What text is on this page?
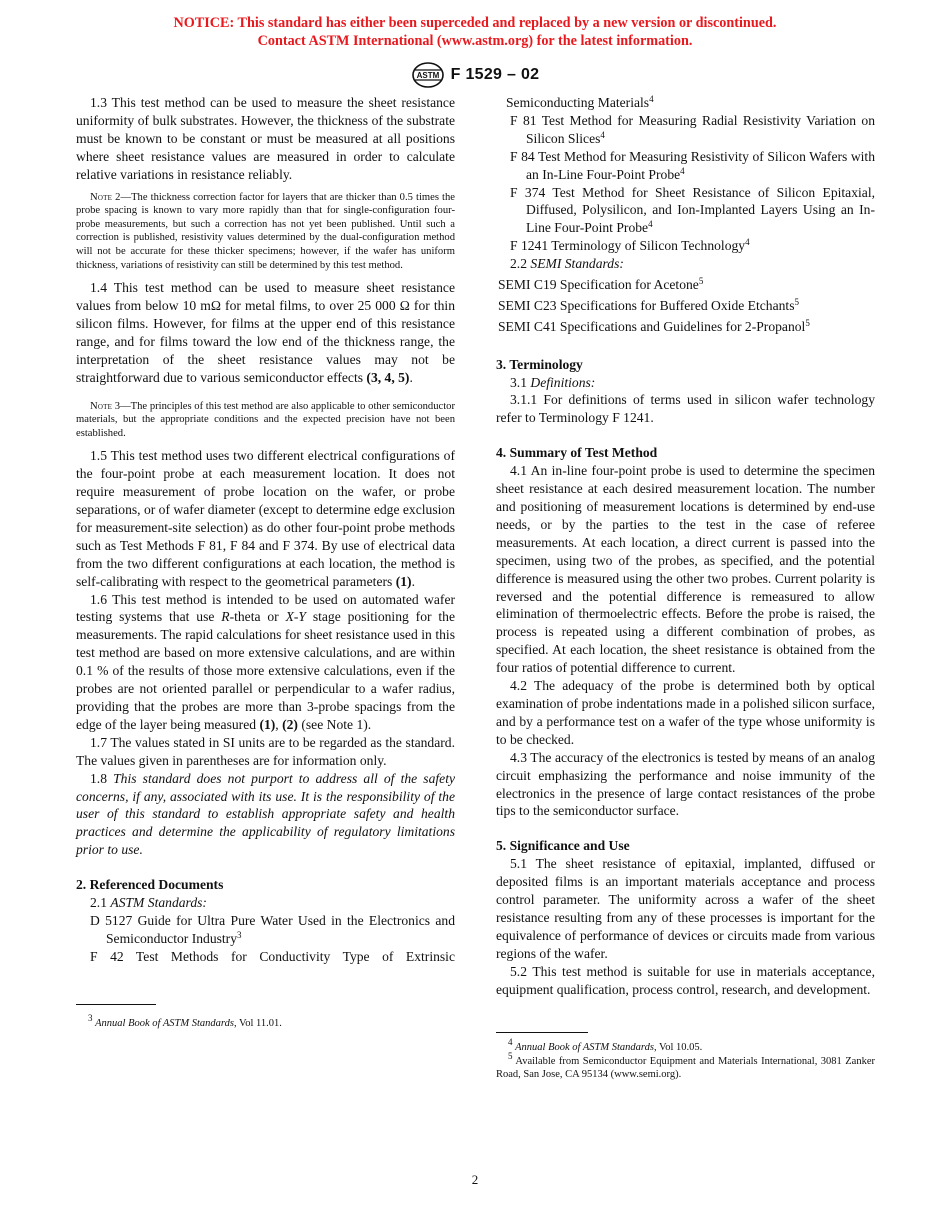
NOTICE: This standard has either been superceded and replaced by a new version or discontinued.
Contact ASTM International (www.astm.org) for the latest information.
ASTM F 1529 – 02

1.3 This test method can be used to measure the sheet resistance uniformity of bulk substrates. However, the thickness of the substrate must be known to be constant or must be measured at all positions where sheet resistance values are measured in order to calculate relative variations in resistance reliably.

Note 2—The thickness correction factor for layers that are thicker than 0.5 times the probe spacing is known to vary more rapidly than that for single-configuration four-probe measurements, but such a correction has not yet been published. Until such a correction is published, resistivity values determined by the dual-configuration method will not be accurate for these thicker specimens; however, if the wafer has uniform thickness, variations of resistivity can still be determined by this test method.

1.4 This test method can be used to measure sheet resistance values from below 10 mΩ for metal films, to over 25 000 Ω for thin silicon films. However, for films at the upper end of this resistance range, and for films toward the low end of the thickness range, the interpretation of the sheet resistance values may not be straightforward due to various semiconductor effects (3, 4, 5).

Note 3—The principles of this test method are also applicable to other semiconductor materials, but the appropriate conditions and the expected precision have not been established.

1.5 This test method uses two different electrical configurations of the four-point probe at each measurement location. It does not require measurement of probe location on the wafer, or probe separations, or of wafer diameter (except to determine edge exclusion for measurement-site selection) as do other four-point probe methods such as Test Methods F 81, F 84 and F 374. By use of electrical data from the two different configurations at each location, the method is self-calibrating with respect to the geometrical parameters (1).

1.6 This test method is intended to be used on automated wafer testing systems that use R-theta or X-Y stage positioning for the measurements. The rapid calculations for sheet resistance used in this test method are based on more extensive calculations, and are within 0.1 % of the results of those more extensive calculations, even if the probes are not oriented parallel or perpendicular to a wafer radius, providing that the probes are more than 3-probe spacings from the edge of the layer being measured (1), (2) (see Note 1).

1.7 The values stated in SI units are to be regarded as the standard. The values given in parentheses are for information only.

1.8 This standard does not purport to address all of the safety concerns, if any, associated with its use. It is the responsibility of the user of this standard to establish appropriate safety and health practices and determine the applicability of regulatory limitations prior to use.

2. Referenced Documents

2.1 ASTM Standards:

D 5127 Guide for Ultra Pure Water Used in the Electronics and Semiconductor Industry$^3$

F 42 Test Methods for Conductivity Type of Extrinsic

$^3$ Annual Book of ASTM Standards, Vol 11.01.

Semiconducting Materials$^4$

F 81 Test Method for Measuring Radial Resistivity Variation on Silicon Slices$^4$

F 84 Test Method for Measuring Resistivity of Silicon Wafers with an In-Line Four-Point Probe$^4$

F 374 Test Method for Sheet Resistance of Silicon Epitaxial, Diffused, Polysilicon, and Ion-Implanted Layers Using an In-Line Four-Point Probe$^4$

F 1241 Terminology of Silicon Technology$^4$

2.2 SEMI Standards:

SEMI C19 Specification for Acetone$^5$

SEMI C23 Specifications for Buffered Oxide Etchants$^5$

SEMI C41 Specifications and Guidelines for 2-Propanol$^5$

3. Terminology

3.1 Definitions:

3.1.1 For definitions of terms used in silicon wafer technology refer to Terminology F 1241.

4. Summary of Test Method

4.1 An in-line four-point probe is used to determine the specimen sheet resistance at each desired measurement location. The number and positioning of measurement locations is determined by end-use needs, or by the parties to the test in the case of referee measurements. At each location, a direct current is passed into the specimen, using two of the probes, as specified, and the potential difference is measured using the other two probes. Current polarity is reversed and the potential difference is remeasured to allow elimination of thermoelectric effects. Before the probe is raised, the process is repeated using a different combination of probes, as specified. At each location, the sheet resistance is obtained from the four ratios of potential difference to current.

4.2 The adequacy of the probe is determined both by optical examination of probe indentations made in a polished silicon surface, and by a performance test on a wafer of the type whose uniformity is to be checked.

4.3 The accuracy of the electronics is tested by means of an analog circuit emphasizing the performance and noise immunity of the electronics in the presence of large contact resistances of the probe tips to the semiconductor surface.

5. Significance and Use

5.1 The sheet resistance of epitaxial, implanted, diffused or deposited films is an important materials acceptance and process control parameter. The uniformity across a wafer of the sheet resistance resulting from any of these processes is important for the equivalence of performance of devices or circuits made from various regions of the wafer.

5.2 This test method is suitable for use in materials acceptance, equipment qualification, process control, research, and development.

$^4$ Annual Book of ASTM Standards, Vol 10.05.

$^5$ Available from Semiconductor Equipment and Materials International, 3081 Zanker Road, San Jose, CA 95134 (www.semi.org).

2
